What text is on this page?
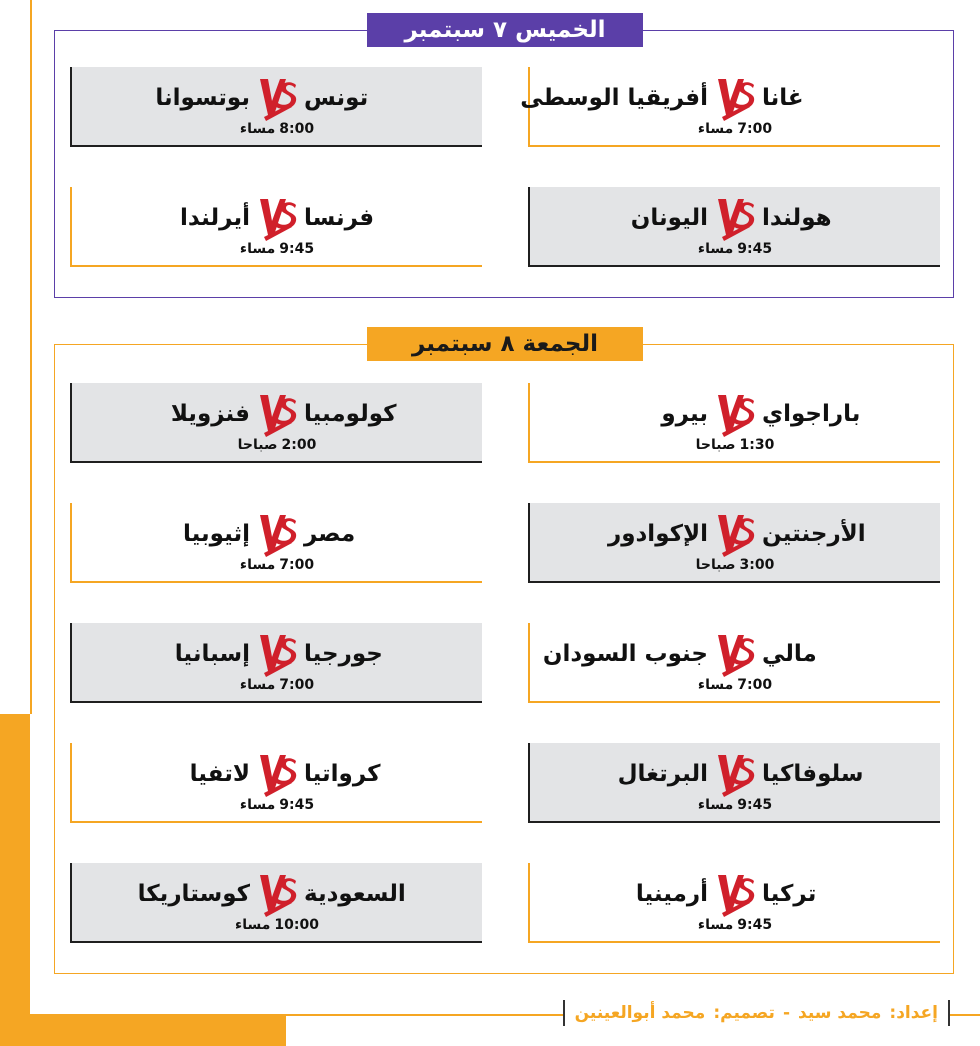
الخميس ٧ سبتمبر
غانا
أفريقيا الوسطى
7:00مساء
تونس
بوتسوانا
8:00مساء
هولندا
اليونان
9:45مساء
فرنسا
أيرلندا
9:45مساء
الجمعة ٨ سبتمبر
باراجواي
بيرو
1:30صباحا
كولومبيا
فنزويلا
2:00صباحا
الأرجنتين
الإكوادور
3:00صباحا
مصر
إثيوبيا
7:00مساء
مالي
جنوب السودان
7:00مساء
جورجيا
إسبانيا
7:00مساء
سلوفاكيا
البرتغال
9:45مساء
كرواتيا
لاتفيا
9:45مساء
تركيا
أرمينيا
9:45مساء
السعودية
كوستاريكا
10:00مساء
إعداد:
محمد سيد
-
تصميم:
محمد أبوالعينين
